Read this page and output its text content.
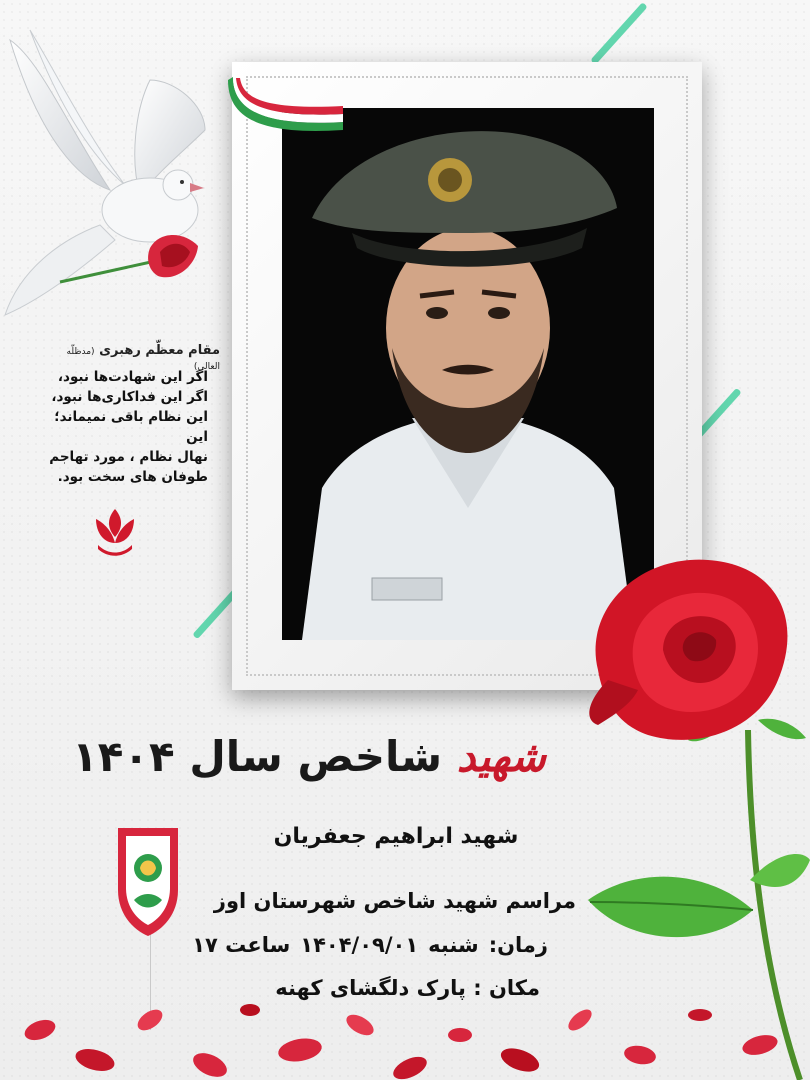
مقام معظّم رهبری (مدظلّه العالی)
اگر این شهادت‌ها نبود،
اگر این فداکاری‌ها نبود،
این نظام باقی نمیماند؛ این
نهال نظام ، مورد تهاجم
طوفان های سخت بود.
شهید شاخص سال ۱۴۰۴
شهید ابراهیم جعفریان
مراسم شهید شاخص شهرستان اوز
زمان:شنبه۱۴۰۴/۰۹/۰۱ساعت ۱۷
مکان : پارک دلگشای کهنه
